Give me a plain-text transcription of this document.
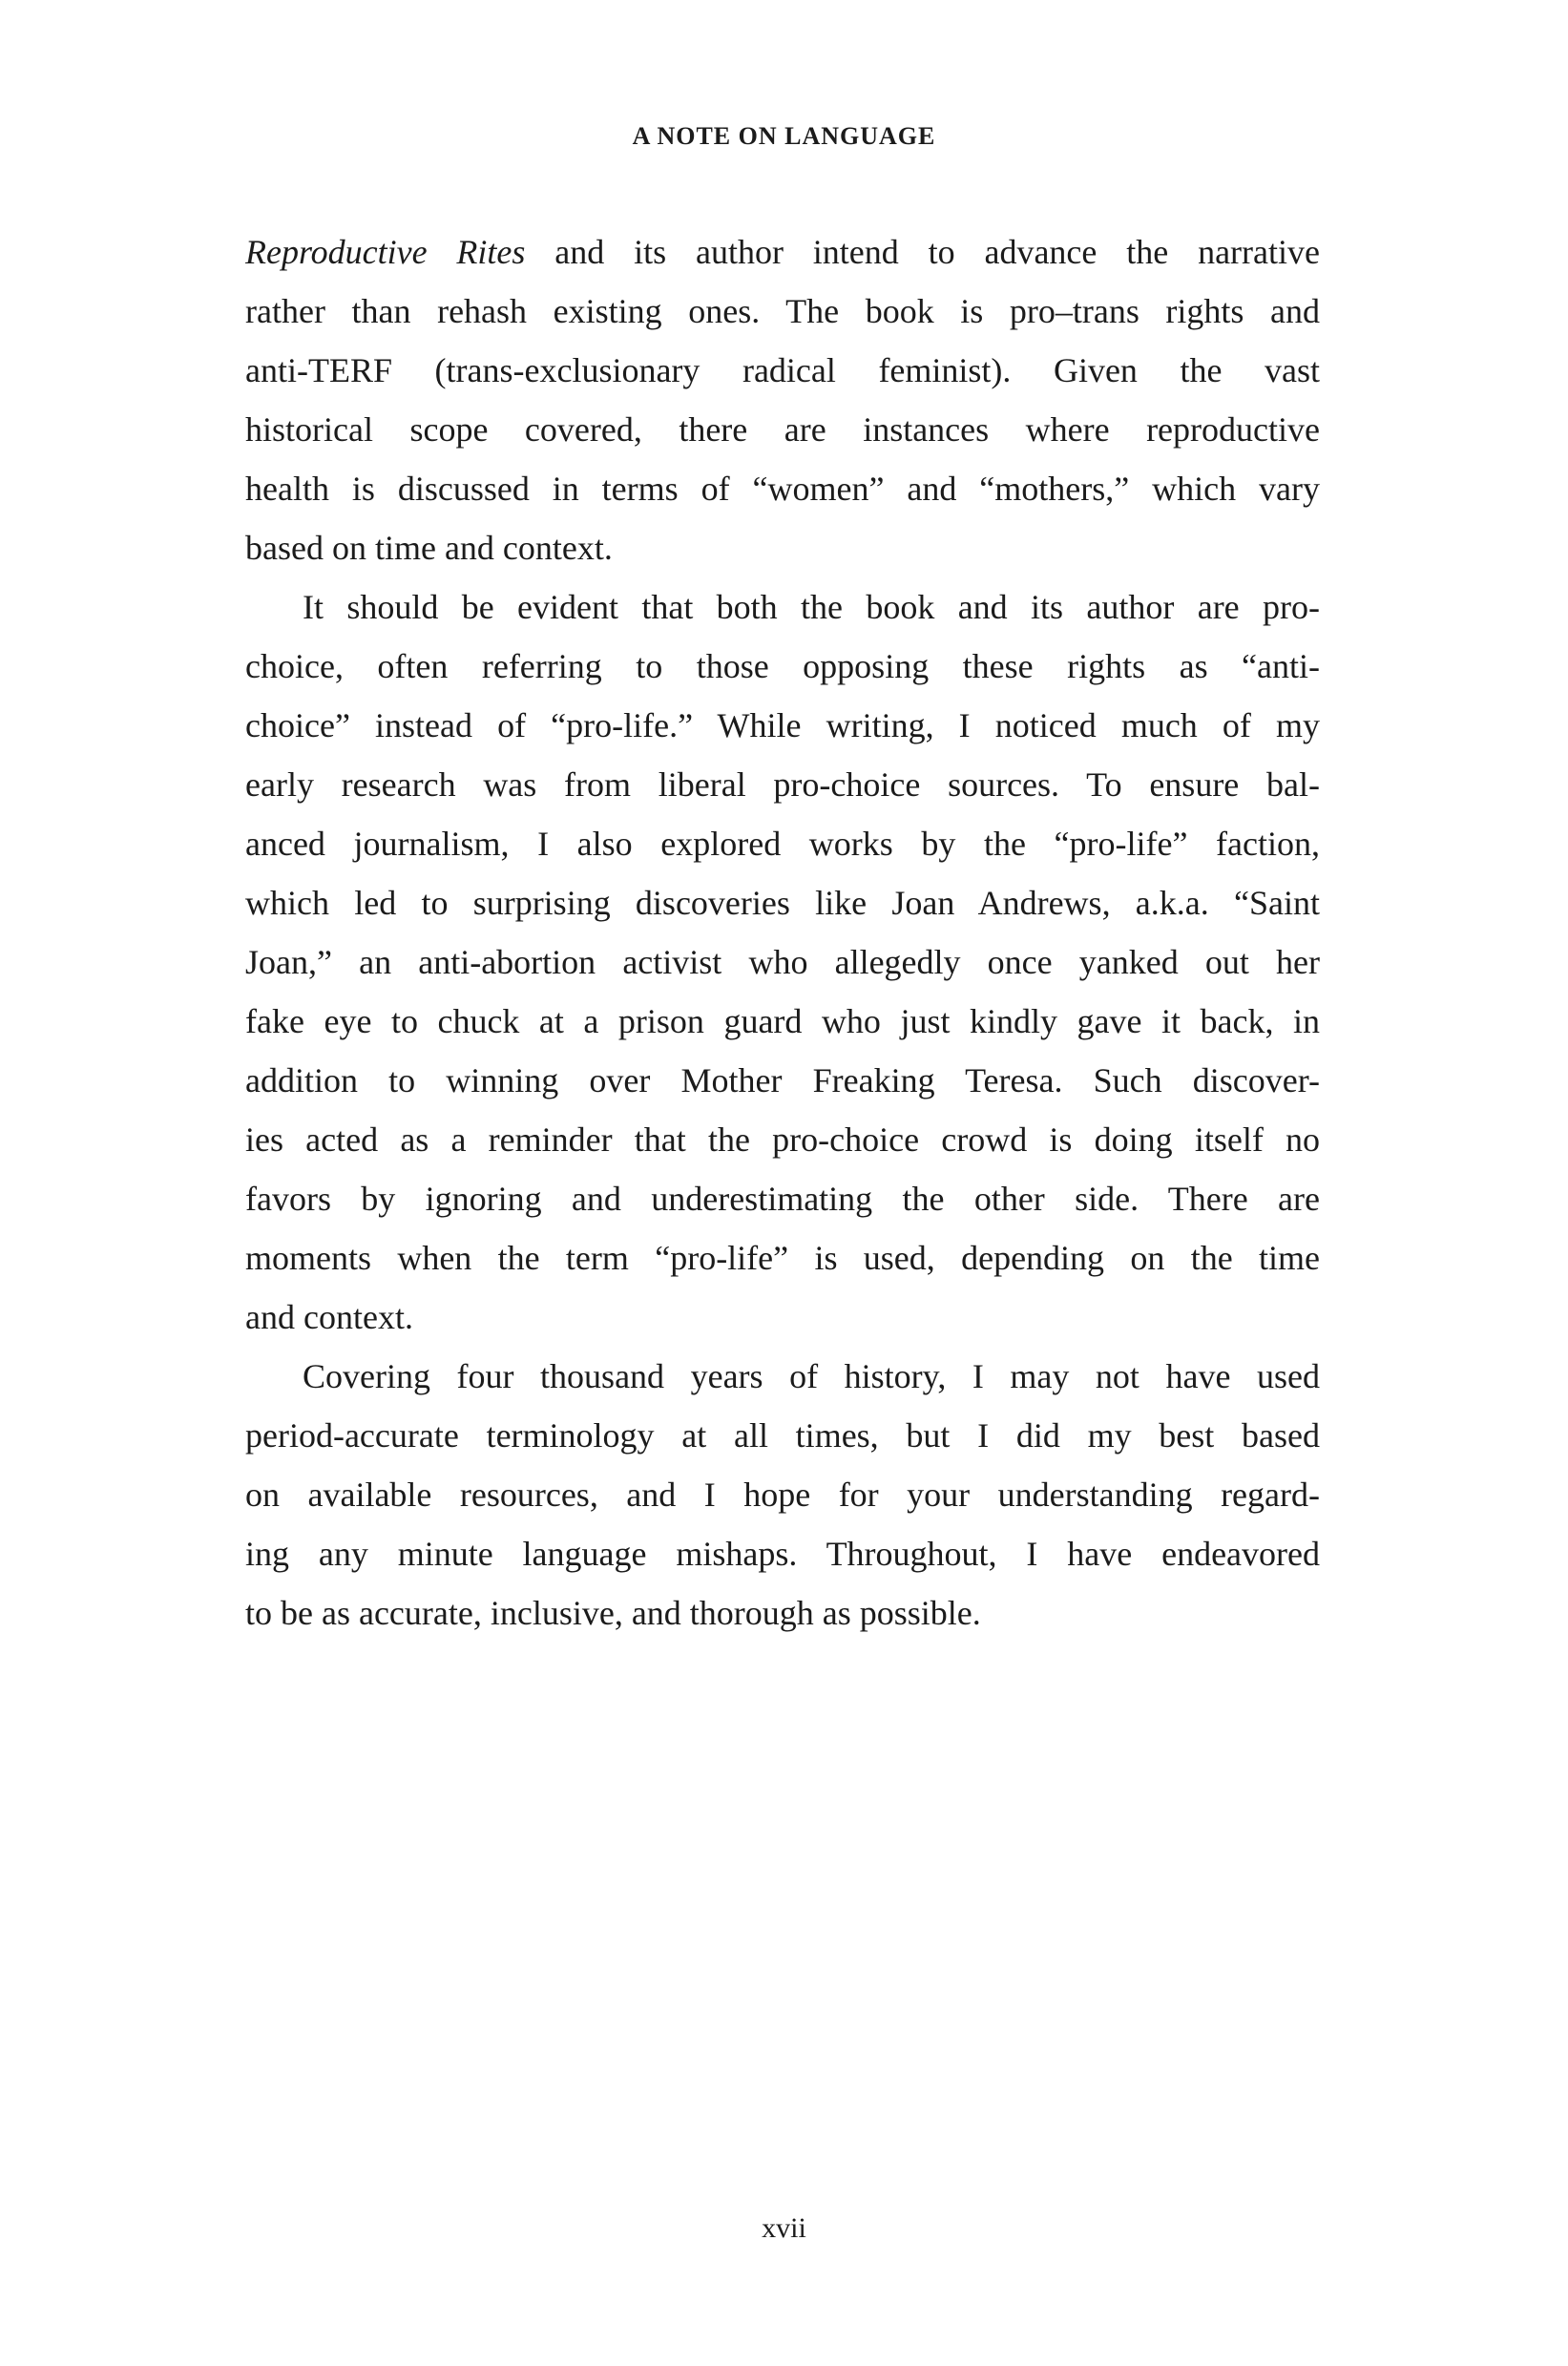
A NOTE ON LANGUAGE
Reproductive Rites and its author intend to advance the narrative
rather than rehash existing ones. The book is pro–trans rights and
anti-TERF (trans-exclusionary radical feminist). Given the vast
historical scope covered, there are instances where reproductive
health is discussed in terms of “women” and “mothers,” which vary
based on time and context.
It should be evident that both the book and its author are pro-
choice, often referring to those opposing these rights as “anti-
choice” instead of “pro-life.” While writing, I noticed much of my
early research was from liberal pro-choice sources. To ensure bal-
anced journalism, I also explored works by the “pro-life” faction,
which led to surprising discoveries like Joan Andrews, a.k.a. “Saint
Joan,” an anti-abortion activist who allegedly once yanked out her
fake eye to chuck at a prison guard who just kindly gave it back, in
addition to winning over Mother Freaking Teresa. Such discover-
ies acted as a reminder that the pro-choice crowd is doing itself no
favors by ignoring and underestimating the other side. There are
moments when the term “pro-life” is used, depending on the time
and context.
Covering four thousand years of history, I may not have used
period-accurate terminology at all times, but I did my best based
on available resources, and I hope for your understanding regard-
ing any minute language mishaps. Throughout, I have endeavored
to be as accurate, inclusive, and thorough as possible.
xvii
